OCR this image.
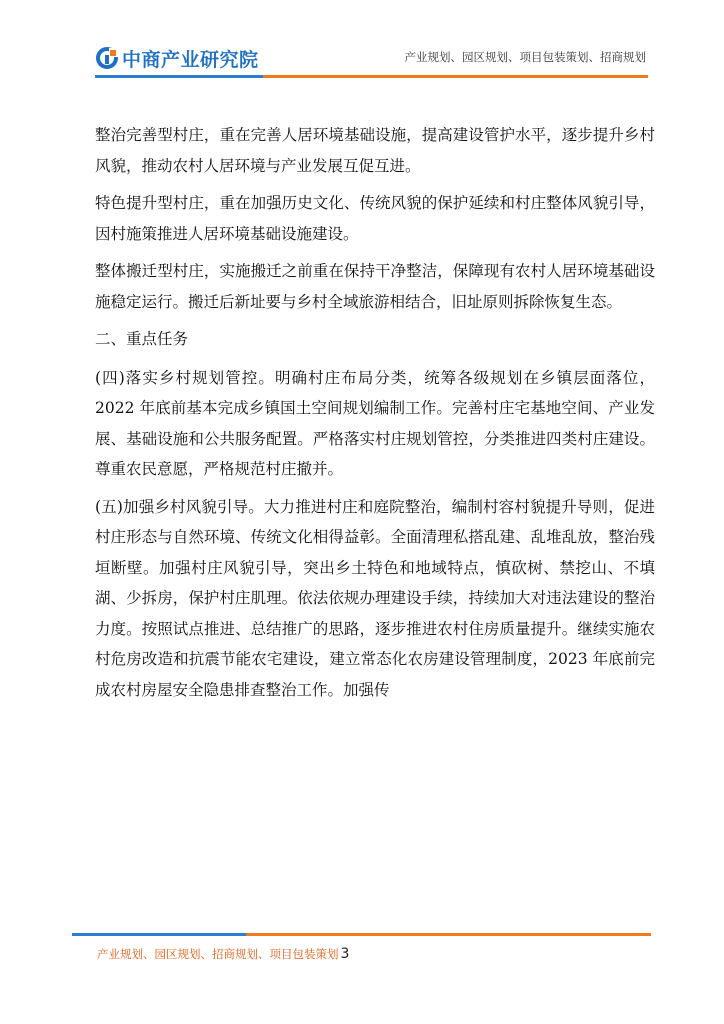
中商产业研究院	产业规划、园区规划、项目包装策划、招商规划

整治完善型村庄，重在完善人居环境基础设施，提高建设管护水平，逐步提升乡村风貌，推动农村人居环境与产业发展互促互进。

特色提升型村庄，重在加强历史文化、传统风貌的保护延续和村庄整体风貌引导，因村施策推进人居环境基础设施建设。

整体搬迁型村庄，实施搬迁之前重在保持干净整洁，保障现有农村人居环境基础设施稳定运行。搬迁后新址要与乡村全域旅游相结合，旧址原则拆除恢复生态。

二、重点任务

(四)落实乡村规划管控。明确村庄布局分类，统筹各级规划在乡镇层面落位，2022 年底前基本完成乡镇国土空间规划编制工作。完善村庄宅基地空间、产业发展、基础设施和公共服务配置。严格落实村庄规划管控，分类推进四类村庄建设。尊重农民意愿，严格规范村庄撤并。

(五)加强乡村风貌引导。大力推进村庄和庭院整治，编制村容村貌提升导则，促进村庄形态与自然环境、传统文化相得益彰。全面清理私搭乱建、乱堆乱放，整治残垣断壁。加强村庄风貌引导，突出乡土特色和地域特点，慎砍树、禁挖山、不填湖、少拆房，保护村庄肌理。依法依规办理建设手续，持续加大对违法建设的整治力度。按照试点推进、总结推广的思路，逐步推进农村住房质量提升。继续实施农村危房改造和抗震节能农宅建设，建立常态化农房建设管理制度，2023 年底前完成农村房屋安全隐患排查整治工作。加强传

产业规划、园区规划、招商规划、项目包装策划 3
